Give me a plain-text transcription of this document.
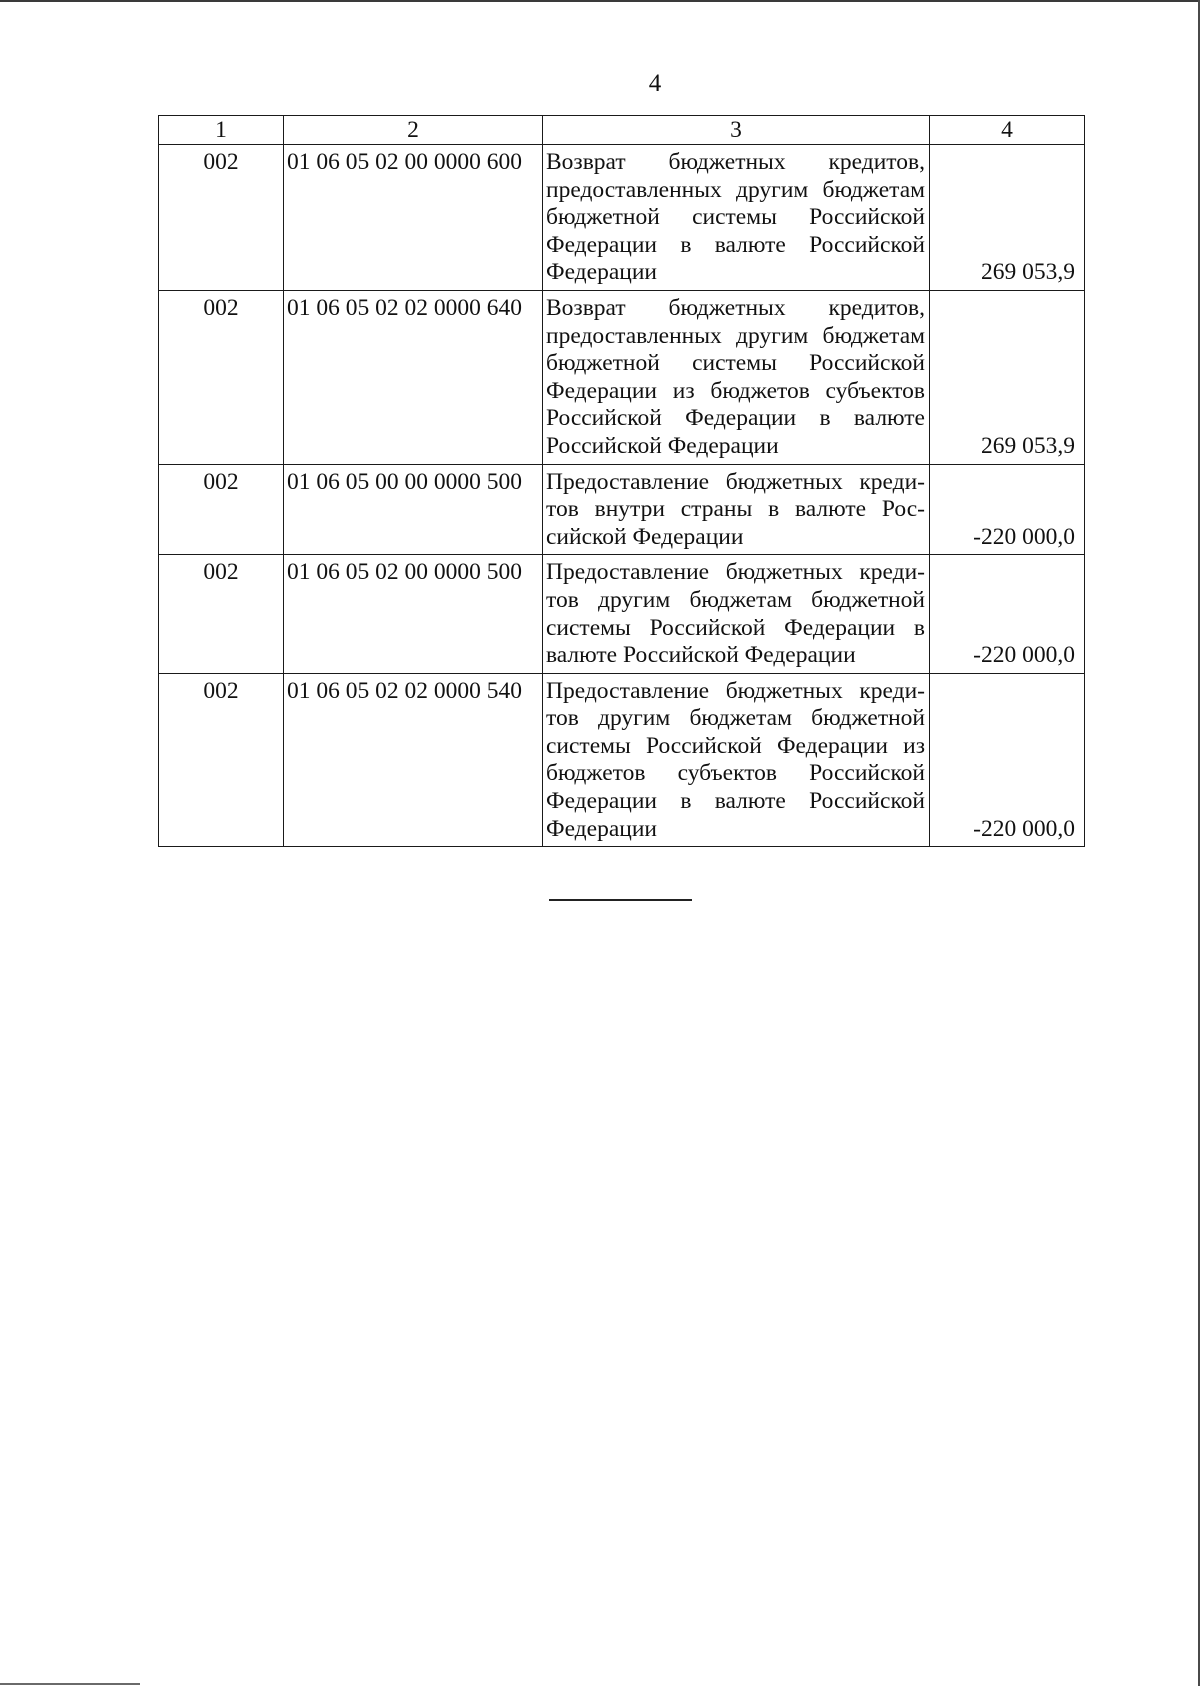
4
1	2	3	4
002	01 06 05 02 00 0000 600	Возврат бюджетных кредитов, предоставленных другим бюджетам бюджетной системы Российской Федерации в валюте Российской Федерации	269 053,9
002	01 06 05 02 02 0000 640	Возврат бюджетных кредитов, предоставленных другим бюджетам бюджетной системы Российской Федерации из бюджетов субъектов Российской Федерации в валюте Российской Федерации	269 053,9
002	01 06 05 00 00 0000 500	Предоставление бюджетных кредитов внутри страны в валюте Российской Федерации	-220 000,0
002	01 06 05 02 00 0000 500	Предоставление бюджетных кредитов другим бюджетам бюджетной системы Российской Федерации в валюте Российской Федерации	-220 000,0
002	01 06 05 02 02 0000 540	Предоставление бюджетных кредитов другим бюджетам бюджетной системы Российской Федерации из бюджетов субъектов Российской Федерации в валюте Российской Федерации	-220 000,0
